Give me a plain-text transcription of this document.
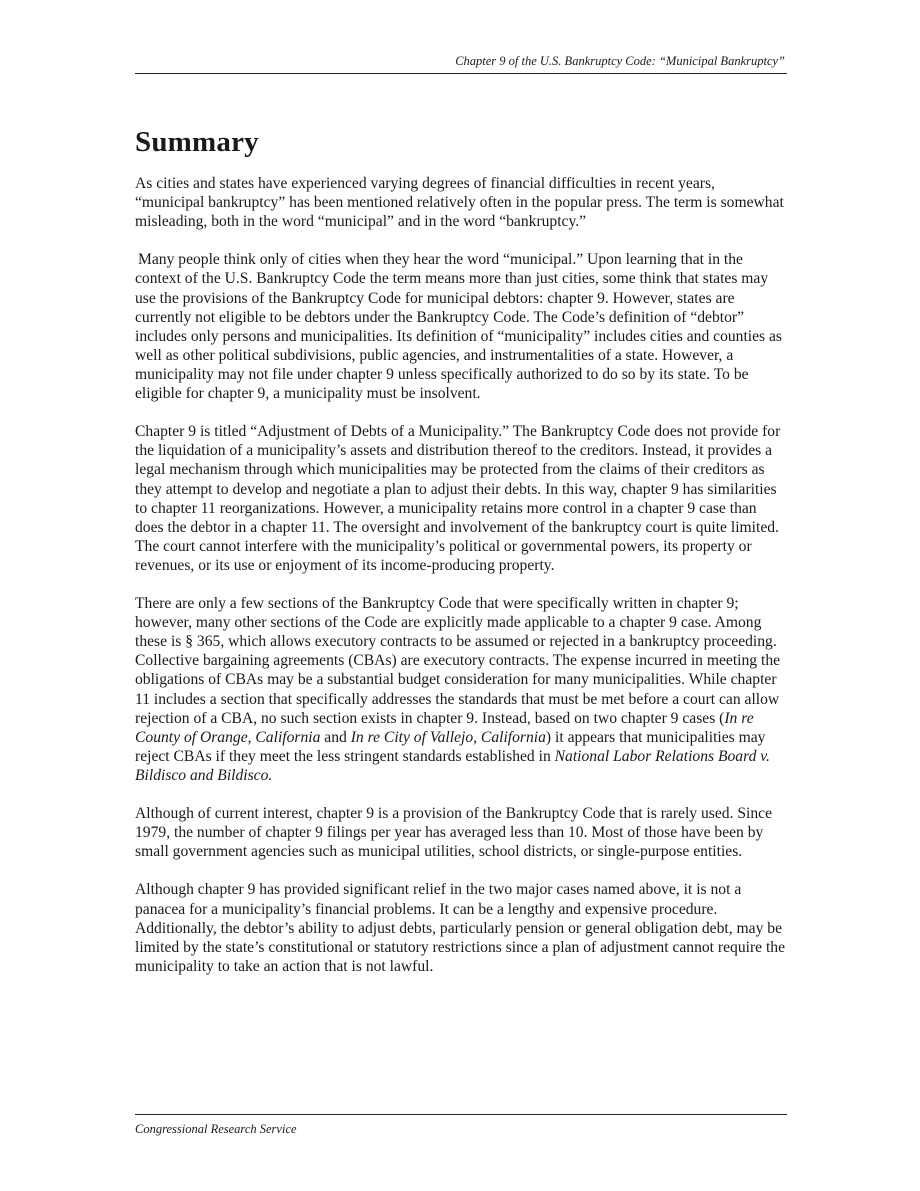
Chapter 9 of the U.S. Bankruptcy Code: “Municipal Bankruptcy”
Summary

As cities and states have experienced varying degrees of financial difficulties in recent years, “municipal bankruptcy” has been mentioned relatively often in the popular press. The term is somewhat misleading, both in the word “municipal” and in the word “bankruptcy.”

Many people think only of cities when they hear the word “municipal.” Upon learning that in the context of the U.S. Bankruptcy Code the term means more than just cities, some think that states may use the provisions of the Bankruptcy Code for municipal debtors: chapter 9. However, states are currently not eligible to be debtors under the Bankruptcy Code. The Code’s definition of “debtor” includes only persons and municipalities. Its definition of “municipality” includes cities and counties as well as other political subdivisions, public agencies, and instrumentalities of a state. However, a municipality may not file under chapter 9 unless specifically authorized to do so by its state. To be eligible for chapter 9, a municipality must be insolvent.

Chapter 9 is titled “Adjustment of Debts of a Municipality.” The Bankruptcy Code does not provide for the liquidation of a municipality’s assets and distribution thereof to the creditors. Instead, it provides a legal mechanism through which municipalities may be protected from the claims of their creditors as they attempt to develop and negotiate a plan to adjust their debts. In this way, chapter 9 has similarities to chapter 11 reorganizations. However, a municipality retains more control in a chapter 9 case than does the debtor in a chapter 11. The oversight and involvement of the bankruptcy court is quite limited. The court cannot interfere with the municipality’s political or governmental powers, its property or revenues, or its use or enjoyment of its income-producing property.

There are only a few sections of the Bankruptcy Code that were specifically written in chapter 9; however, many other sections of the Code are explicitly made applicable to a chapter 9 case. Among these is § 365, which allows executory contracts to be assumed or rejected in a bankruptcy proceeding. Collective bargaining agreements (CBAs) are executory contracts. The expense incurred in meeting the obligations of CBAs may be a substantial budget consideration for many municipalities. While chapter 11 includes a section that specifically addresses the standards that must be met before a court can allow rejection of a CBA, no such section exists in chapter 9. Instead, based on two chapter 9 cases (In re County of Orange, California and In re City of Vallejo, California) it appears that municipalities may reject CBAs if they meet the less stringent standards established in National Labor Relations Board v. Bildisco and Bildisco.

Although of current interest, chapter 9 is a provision of the Bankruptcy Code that is rarely used. Since 1979, the number of chapter 9 filings per year has averaged less than 10. Most of those have been by small government agencies such as municipal utilities, school districts, or single-purpose entities.

Although chapter 9 has provided significant relief in the two major cases named above, it is not a panacea for a municipality’s financial problems. It can be a lengthy and expensive procedure. Additionally, the debtor’s ability to adjust debts, particularly pension or general obligation debt, may be limited by the state’s constitutional or statutory restrictions since a plan of adjustment cannot require the municipality to take an action that is not lawful.

Congressional Research Service
